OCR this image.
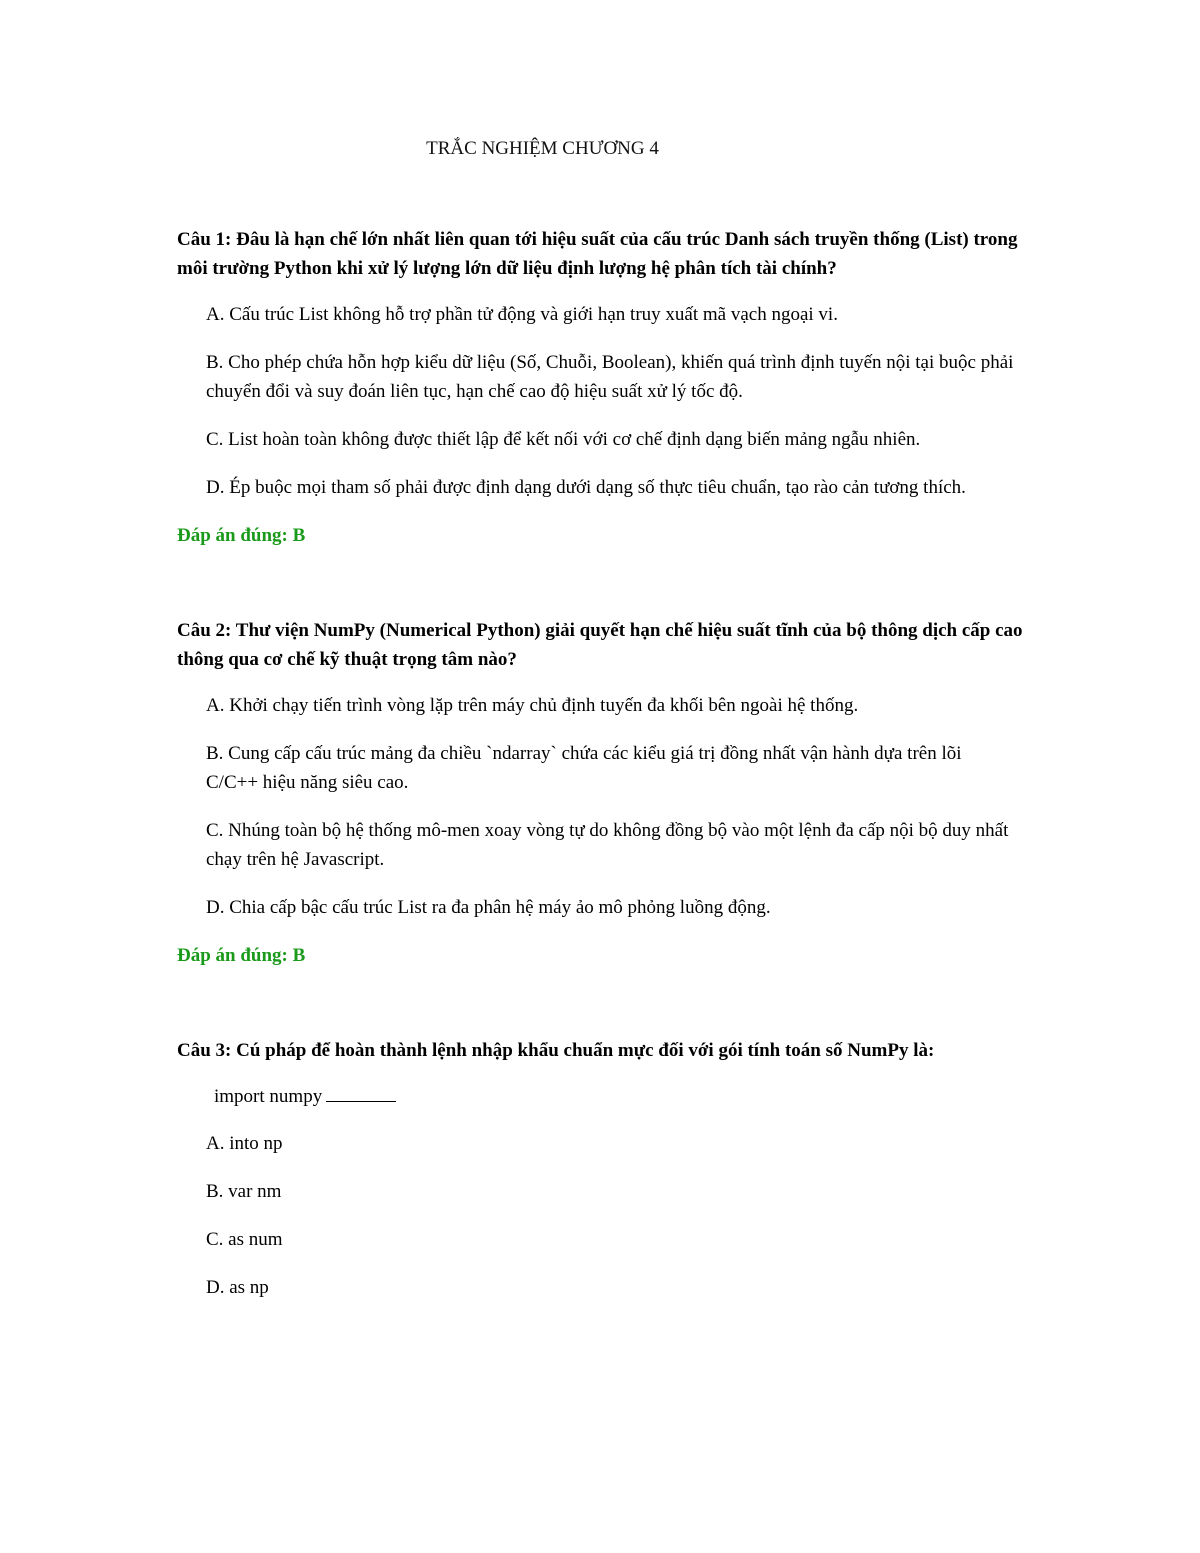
TRẮC NGHIỆM CHƯƠNG 4

Câu 1: Đâu là hạn chế lớn nhất liên quan tới hiệu suất của cấu trúc Danh sách truyền thống (List) trong môi trường Python khi xử lý lượng lớn dữ liệu định lượng hệ phân tích tài chính?

A. Cấu trúc List không hỗ trợ phần tử động và giới hạn truy xuất mã vạch ngoại vi.

B. Cho phép chứa hỗn hợp kiểu dữ liệu (Số, Chuỗi, Boolean), khiến quá trình định tuyến nội tại buộc phải chuyển đổi và suy đoán liên tục, hạn chế cao độ hiệu suất xử lý tốc độ.

C. List hoàn toàn không được thiết lập để kết nối với cơ chế định dạng biến mảng ngẫu nhiên.

D. Ép buộc mọi tham số phải được định dạng dưới dạng số thực tiêu chuẩn, tạo rào cản tương thích.

Đáp án đúng: B

Câu 2: Thư viện NumPy (Numerical Python) giải quyết hạn chế hiệu suất tĩnh của bộ thông dịch cấp cao thông qua cơ chế kỹ thuật trọng tâm nào?

A. Khởi chạy tiến trình vòng lặp trên máy chủ định tuyến đa khối bên ngoài hệ thống.

B. Cung cấp cấu trúc mảng đa chiều `ndarray` chứa các kiểu giá trị đồng nhất vận hành dựa trên lõi C/C++ hiệu năng siêu cao.

C. Nhúng toàn bộ hệ thống mô-men xoay vòng tự do không đồng bộ vào một lệnh đa cấp nội bộ duy nhất chạy trên hệ Javascript.

D. Chia cấp bậc cấu trúc List ra đa phân hệ máy ảo mô phỏng luồng động.

Đáp án đúng: B

Câu 3: Cú pháp để hoàn thành lệnh nhập khẩu chuẩn mực đối với gói tính toán số NumPy là:

import numpy

A. into np

B. var nm

C. as num

D. as np
